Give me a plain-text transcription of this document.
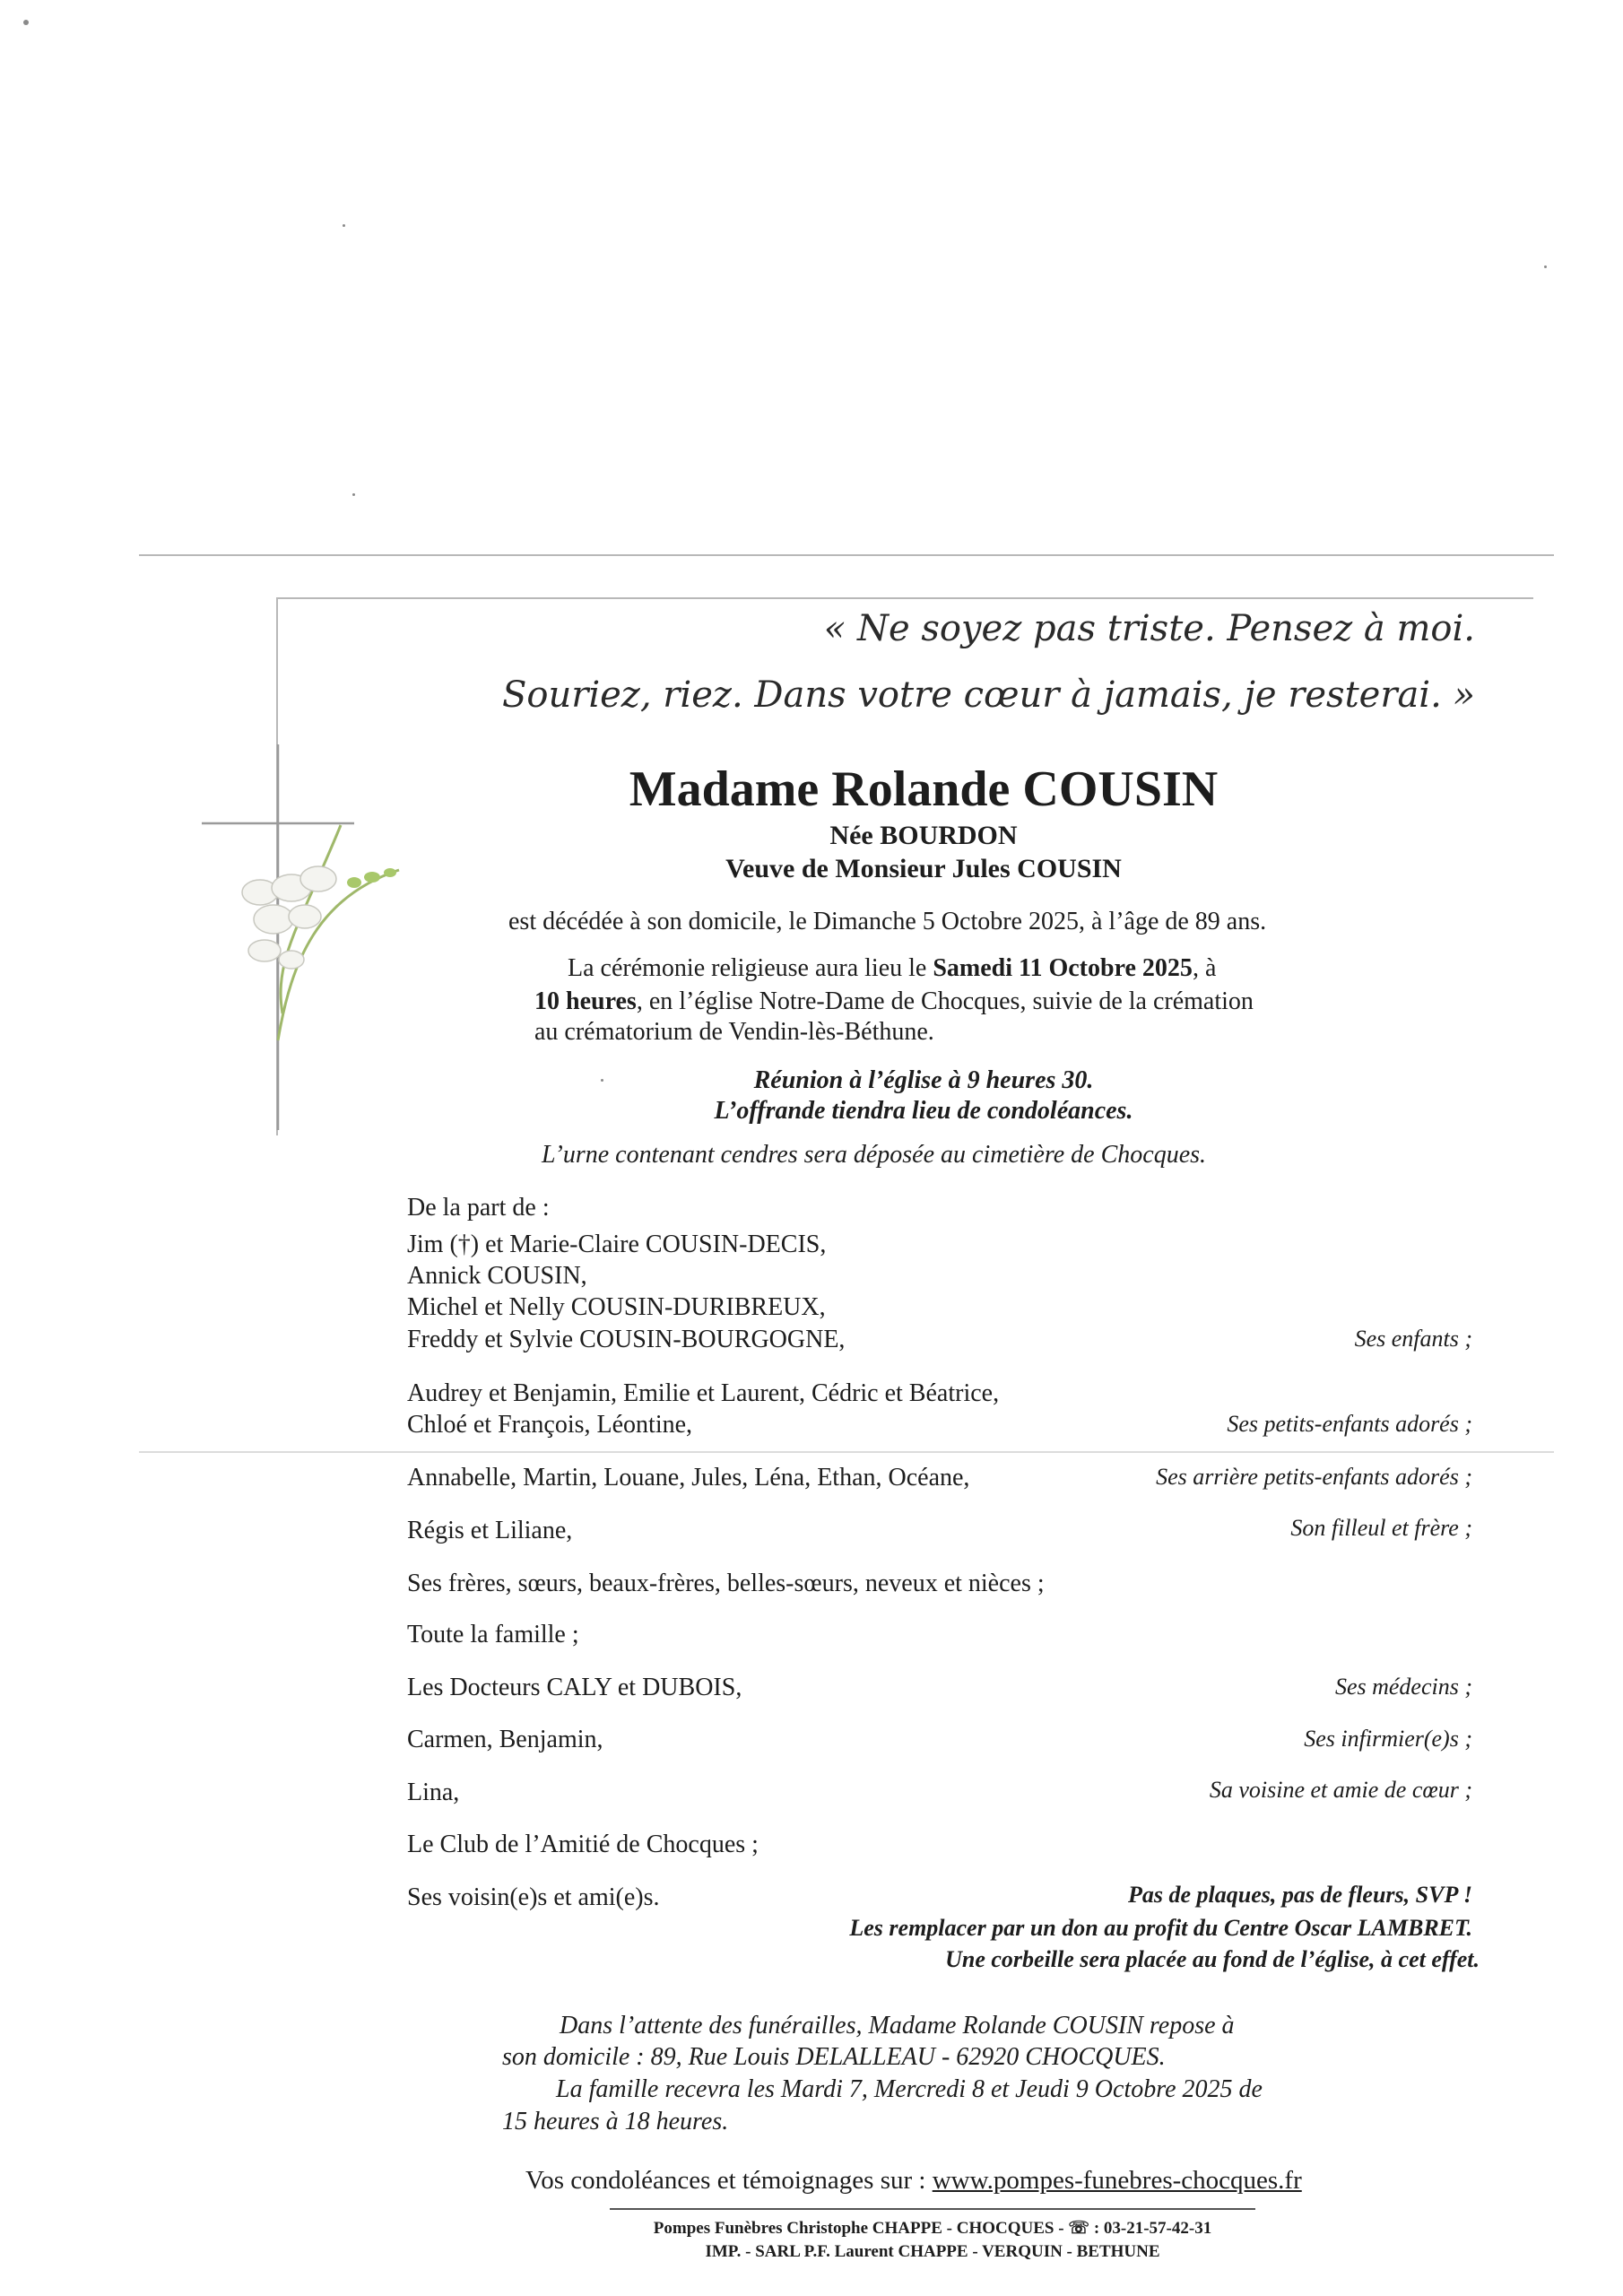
« Ne soyez pas triste. Pensez à moi.
Souriez, riez. Dans votre cœur à jamais, je resterai. »
Madame Rolande COUSIN
Née BOURDON
Veuve de Monsieur Jules COUSIN
est décédée à son domicile, le Dimanche 5 Octobre 2025, à l’âge de 89 ans.
La cérémonie religieuse aura lieu le Samedi 11 Octobre 2025, à
10 heures, en l’église Notre-Dame de Chocques, suivie de la crémation
au crématorium de Vendin-lès-Béthune.
Réunion à l’église à 9 heures 30.
L’offrande tiendra lieu de condoléances.
L’urne contenant cendres sera déposée au cimetière de Chocques.
De la part de :
Jim (†) et Marie-Claire COUSIN-DECIS,
Annick COUSIN,
Michel et Nelly COUSIN-DURIBREUX,
Freddy et Sylvie COUSIN-BOURGOGNE,	Ses enfants ;
Audrey et Benjamin, Emilie et Laurent, Cédric et Béatrice,
Chloé et François, Léontine,	Ses petits-enfants adorés ;
Annabelle, Martin, Louane, Jules, Léna, Ethan, Océane,	Ses arrière petits-enfants adorés ;
Régis et Liliane,	Son filleul et frère ;
Ses frères, sœurs, beaux-frères, belles-sœurs, neveux et nièces ;
Toute la famille ;
Les Docteurs CALY et DUBOIS,	Ses médecins ;
Carmen, Benjamin,	Ses infirmier(e)s ;
Lina,	Sa voisine et amie de cœur ;
Le Club de l’Amitié de Chocques ;
Ses voisin(e)s et ami(e)s.	Pas de plaques, pas de fleurs, SVP !
Les remplacer par un don au profit du Centre Oscar LAMBRET.
Une corbeille sera placée au fond de l’église, à cet effet.
Dans l’attente des funérailles, Madame Rolande COUSIN repose à
son domicile : 89, Rue Louis DELALLEAU - 62920 CHOCQUES.
La famille recevra les Mardi 7, Mercredi 8 et Jeudi 9 Octobre 2025 de
15 heures à 18 heures.
Vos condoléances et témoignages sur : www.pompes-funebres-chocques.fr
Pompes Funèbres Christophe CHAPPE - CHOCQUES - ☏ : 03-21-57-42-31
IMP. - SARL P.F. Laurent CHAPPE - VERQUIN - BETHUNE
